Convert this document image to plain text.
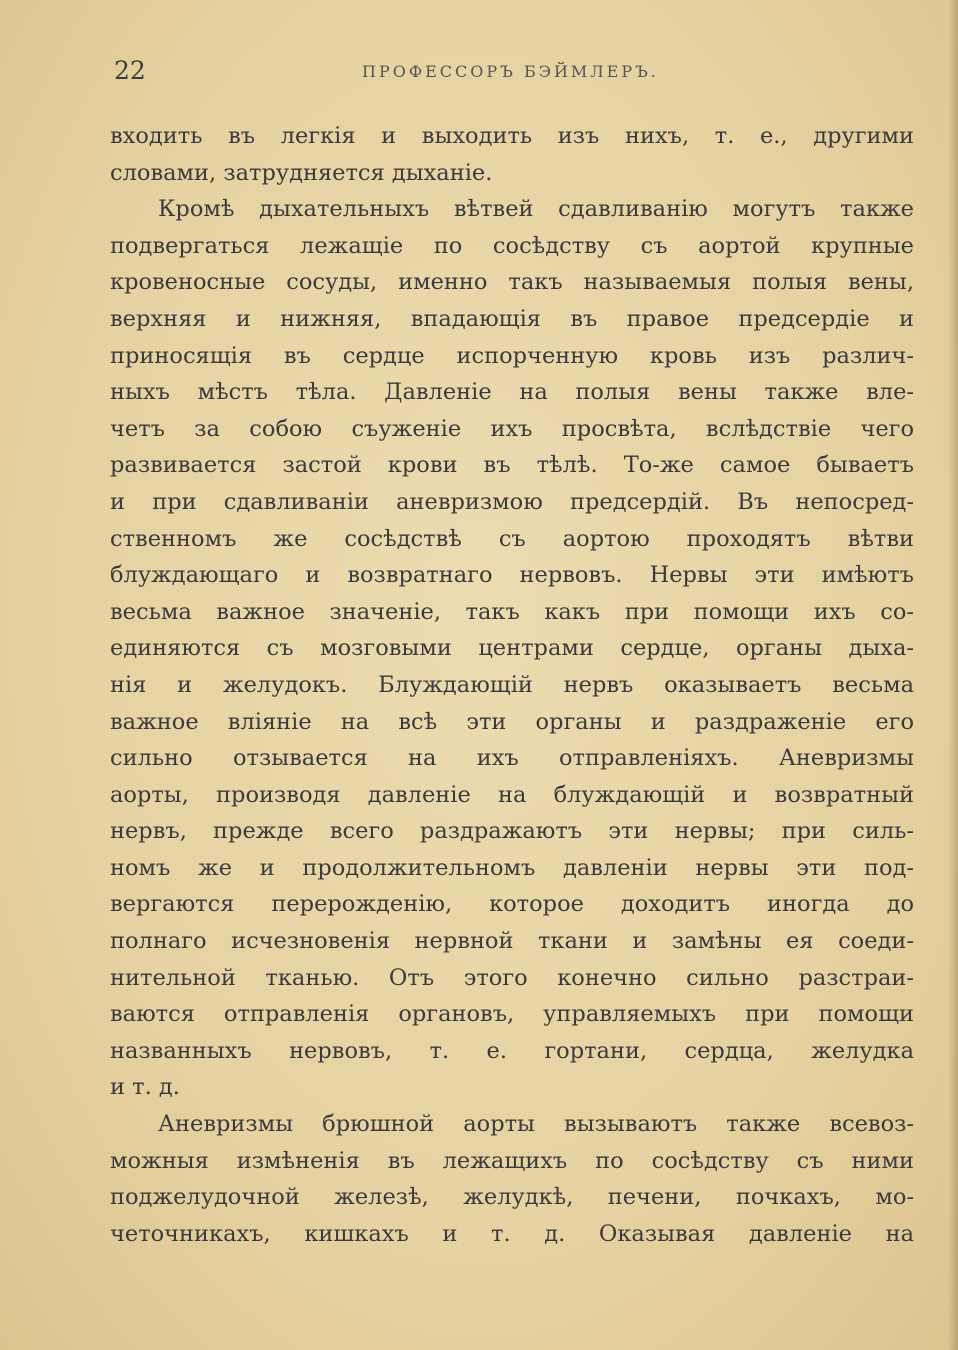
22	ПРОФЕССОРЪ БЭЙМЛЕРЪ.
входить въ легкія и выходить изъ нихъ, т. е., другими
словами, затрудняется дыханіе.
Кромѣ дыхательныхъ вѣтвей сдавливанію могутъ также
подвергаться лежащіе по сосѣдству съ аортой крупные
кровеносные сосуды, именно такъ называемыя полыя вены,
верхняя и нижняя, впадающія въ правое предсердіе и
приносящія въ сердце испорченную кровь изъ различ-
ныхъ мѣстъ тѣла. Давленіе на полыя вены также вле-
четъ за собою съуженіе ихъ просвѣта, вслѣдствіе чего
развивается застой крови въ тѣлѣ. То-же самое бываетъ
и при сдавливаніи аневризмою предсердій. Въ непосред-
ственномъ же сосѣдствѣ съ аортою проходятъ вѣтви
блуждающаго и возвратнаго нервовъ. Нервы эти имѣютъ
весьма важное значеніе, такъ какъ при помощи ихъ со-
единяются съ мозговыми центрами сердце, органы дыха-
нія и желудокъ. Блуждающій нервъ оказываетъ весьма
важное вліяніе на всѣ эти органы и раздраженіе его
сильно отзывается на ихъ отправленіяхъ. Аневризмы
аорты, производя давленіе на блуждающій и возвратный
нервъ, прежде всего раздражаютъ эти нервы; при силь-
номъ же и продолжительномъ давленіи нервы эти под-
вергаются перерожденію, которое доходитъ иногда до
полнаго исчезновенія нервной ткани и замѣны ея соеди-
нительной тканью. Отъ этого конечно сильно разстраи-
ваются отправленія органовъ, управляемыхъ при помощи
названныхъ нервовъ, т. е. гортани, сердца, желудка
и т. д.
Аневризмы брюшной аорты вызываютъ также всевоз-
можныя измѣненія въ лежащихъ по сосѣдству съ ними
поджелудочной железѣ, желудкѣ, печени, почкахъ, мо-
четочникахъ, кишкахъ и т. д. Оказывая давленіе на
